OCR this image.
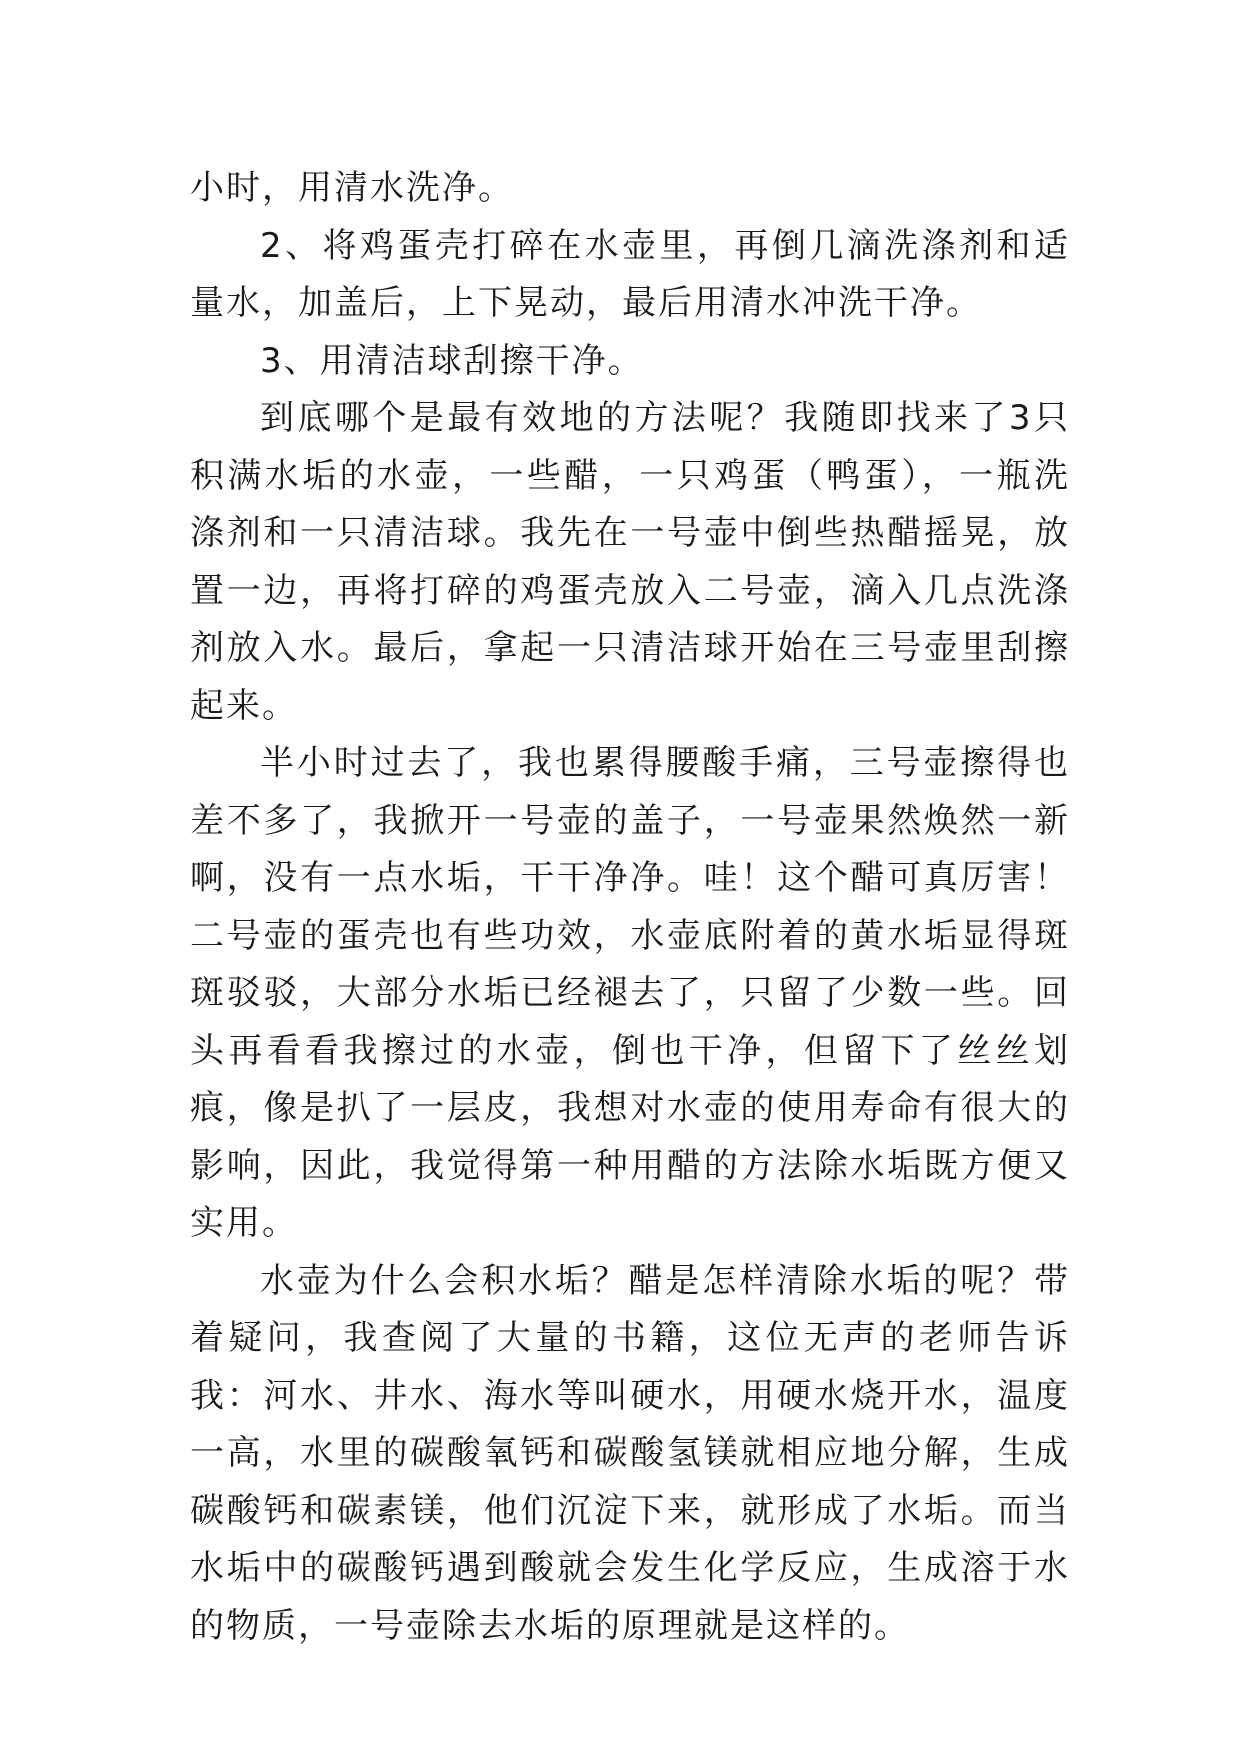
小时，用清水洗净。

2、将鸡蛋壳打碎在水壶里，再倒几滴洗涤剂和适量水，加盖后，上下晃动，最后用清水冲洗干净。

3、用清洁球刮擦干净。

到底哪个是最有效地的方法呢？我随即找来了3只积满水垢的水壶，一些醋，一只鸡蛋（鸭蛋），一瓶洗涤剂和一只清洁球。我先在一号壶中倒些热醋摇晃，放置一边，再将打碎的鸡蛋壳放入二号壶，滴入几点洗涤剂放入水。最后，拿起一只清洁球开始在三号壶里刮擦起来。

半小时过去了，我也累得腰酸手痛，三号壶擦得也差不多了，我掀开一号壶的盖子，一号壶果然焕然一新啊，没有一点水垢，干干净净。哇！这个醋可真厉害！二号壶的蛋壳也有些功效，水壶底附着的黄水垢显得斑斑驳驳，大部分水垢已经褪去了，只留了少数一些。回头再看看我擦过的水壶，倒也干净，但留下了丝丝划痕，像是扒了一层皮，我想对水壶的使用寿命有很大的影响，因此，我觉得第一种用醋的方法除水垢既方便又实用。

水壶为什么会积水垢？醋是怎样清除水垢的呢？带着疑问，我查阅了大量的书籍，这位无声的老师告诉我：河水、井水、海水等叫硬水，用硬水烧开水，温度一高，水里的碳酸氧钙和碳酸氢镁就相应地分解，生成碳酸钙和碳素镁，他们沉淀下来，就形成了水垢。而当水垢中的碳酸钙遇到酸就会发生化学反应，生成溶于水的物质，一号壶除去水垢的原理就是这样的。
